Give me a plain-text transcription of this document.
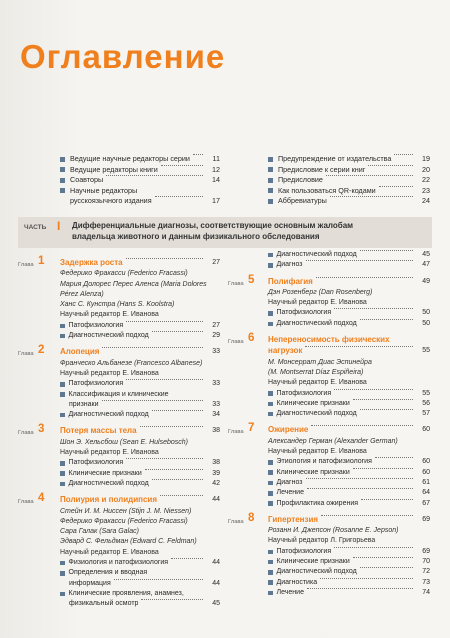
Оглавление
Ведущие научные редакторы серии	11
Ведущие редакторы книги	12
Соавторы	14
Научные редакторы
русскоязычного издания	17
Предупреждение от издательства	19
Предисловие к серии книг	20
Предисловие	22
Как пользоваться QR-кодами	23
Аббревиатуры	24
ЧАСТЬ I Дифференциальные диагнозы, соответствующие основным жалобам владельца животного и данным физикального обследования
Глава 1 Задержка роста	27
Федерико Фракасси (Federico Fracassi)
Мария Долорес Перес Аленса (Maria Dolores
Pérez Alenza)
Ханс С. Кунстра (Hans S. Koolstra)
Научный редактор Е. Иванова
Патофизиология	27
Диагностический подход	29
Глава 2 Алопеция	33
Франческо Альбанезе (Francesco Albanese)
Научный редактор Е. Иванова
Патофизиология	33
Классификация и клинические
признаки	33
Диагностический подход	34
Глава 3 Потеря массы тела	38
Шон Э. Хельсбош (Sean E. Hulsebosch)
Научный редактор Е. Иванова
Патофизиология	38
Клинические признаки	39
Диагностический подход	42
Глава 4 Полиурия и полидипсия	44
Стейн И. М. Ниссен (Stijn J. M. Niessen)
Федерико Фракасси (Federico Fracassi)
Сара Галак (Sara Galac)
Эдвард С. Фельдман (Edward C. Feldman)
Научный редактор Е. Иванова
Физиология и патофизиология	44
Определения и вводная
информация	44
Клинические проявления, анамнез,
физикальный осмотр	45
Диагностический подход	45
Диагноз	47
Глава 5 Полифагия	49
Дэн Розенберг (Dan Rosenberg)
Научный редактор Е. Иванова
Патофизиология	50
Диагностический подход	50
Глава 6 Непереносимость физических
нагрузок	55
М. Монсеррат Диас Эспинейра
(M. Montserrat Díaz Espiñeira)
Научный редактор Е. Иванова
Патофизиология	55
Клинические признаки	56
Диагностический подход	57
Глава 7 Ожирение	60
Александер Герман (Alexander German)
Научный редактор Е. Иванова
Этиология и патофизиология	60
Клинические признаки	60
Диагноз	61
Лечение	64
Профилактика ожирения	67
Глава 8 Гипертензия	69
Розанн И. Джепсон (Rosanne E. Jepson)
Научный редактор Л. Григорьева
Патофизиология	69
Клинические признаки	70
Диагностический подход	72
Диагностика	73
Лечение	74
